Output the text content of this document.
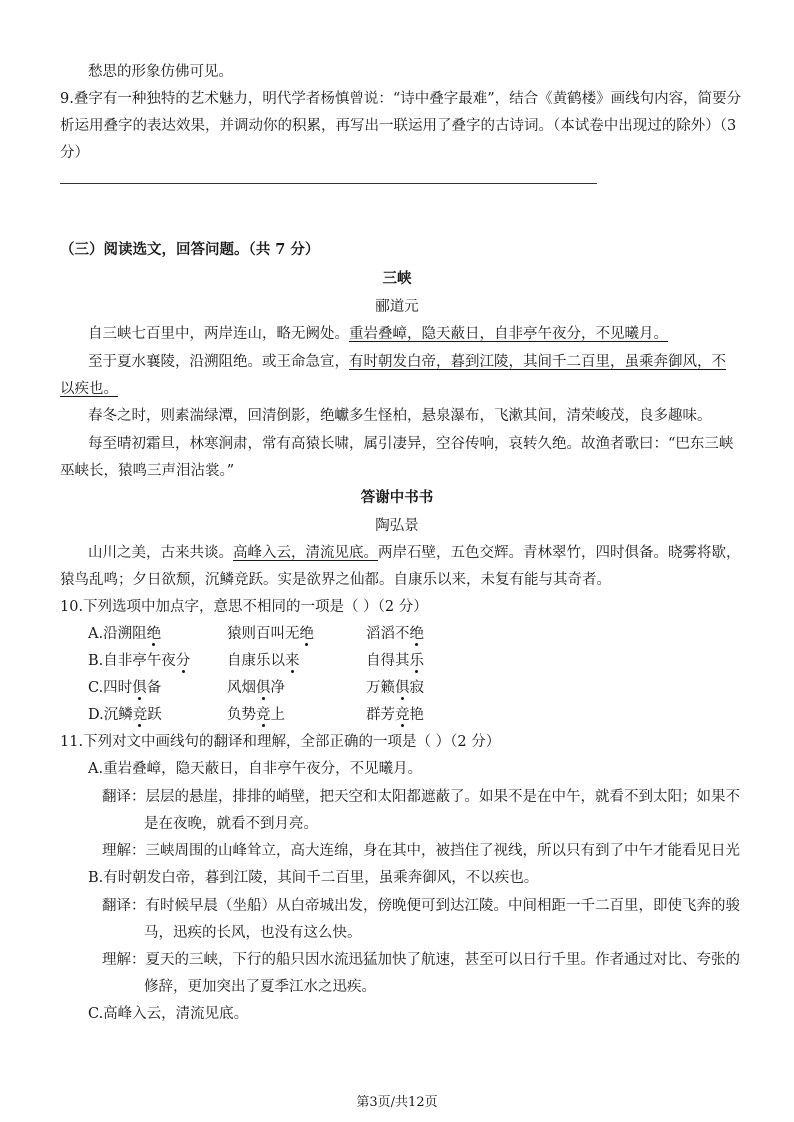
愁思的形象仿佛可见。
9.叠字有一种独特的艺术魅力，明代学者杨慎曾说：“诗中叠字最难”，结合《黄鹤楼》画线句内容，简要分
析运用叠字的表达效果，并调动你的积累，再写出一联运用了叠字的古诗词。（本试卷中出现过的除外）（3
分）
（三）阅读选文，回答问题。（共 7 分）
三峡
郦道元
自三峡七百里中，两岸连山，略无阙处。重岩叠嶂，隐天蔽日，自非亭午夜分，不见曦月。
至于夏水襄陵，沿溯阻绝。或王命急宣，有时朝发白帝，暮到江陵，其间千二百里，虽乘奔御风，不
以疾也。
春冬之时，则素湍绿潭，回清倒影，绝巘多生怪柏，悬泉瀑布，飞漱其间，清荣峻茂，良多趣味。
每至晴初霜旦，林寒涧肃，常有高猿长啸，属引凄异，空谷传响，哀转久绝。故渔者歌曰：“巴东三峡
巫峡长，猿鸣三声泪沾裳。”
答谢中书书
陶弘景
山川之美，古来共谈。高峰入云，清流见底。两岸石壁，五色交辉。青林翠竹，四时俱备。晓雾将歇，
猿鸟乱鸣；夕日欲颓，沉鳞竞跃。实是欲界之仙都。自康乐以来，未复有能与其奇者。
10.下列选项中加点字，意思不相同的一项是（ ）（2 分）
A.沿溯阻绝	猿则百叫无绝	滔滔不绝
B.自非亭午夜分	自康乐以来	自得其乐
C.四时俱备	风烟俱净	万籁俱寂
D.沉鳞竞跃	负势竞上	群芳竞艳
11.下列对文中画线句的翻译和理解，全部正确的一项是（ ）（2 分）
A.重岩叠嶂，隐天蔽日，自非亭午夜分，不见曦月。
翻译：层层的悬崖，排排的峭壁，把天空和太阳都遮蔽了。如果不是在中午，就看不到太阳；如果不
是在夜晚，就看不到月亮。
理解：三峡周围的山峰耸立，高大连绵，身在其中，被挡住了视线，所以只有到了中午才能看见日光
B.有时朝发白帝，暮到江陵，其间千二百里，虽乘奔御风，不以疾也。
翻译：有时候早晨（坐船）从白帝城出发，傍晚便可到达江陵。中间相距一千二百里，即使飞奔的骏
马，迅疾的长风，也没有这么快。
理解：夏天的三峡，下行的船只因水流迅猛加快了航速，甚至可以日行千里。作者通过对比、夸张的
修辞，更加突出了夏季江水之迅疾。
C.高峰入云，清流见底。
第3页/共12页
